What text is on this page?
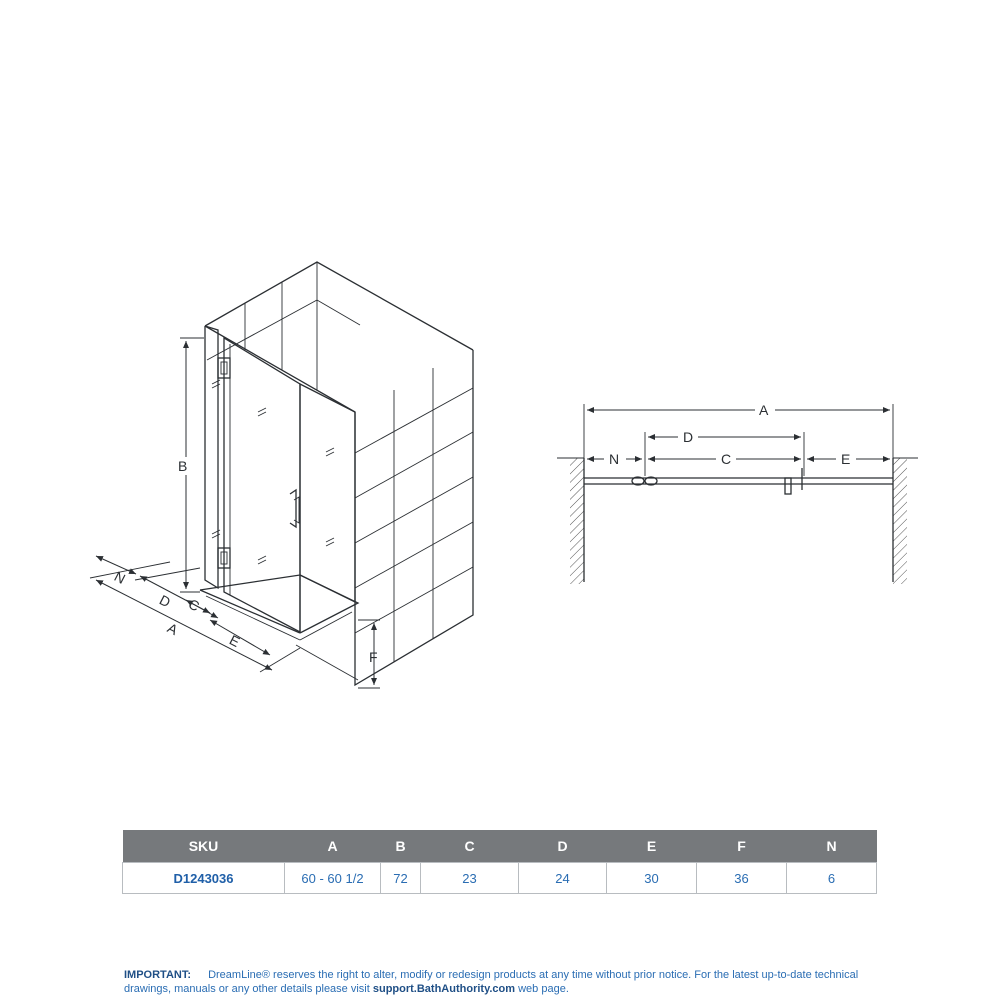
B
F
N
D C
A
E
A
D
N	C	E
SKU	A	B	C	D	E	F	N
D1243036	60 - 60 1/2	72	23	24	30	36	6
IMPORTANT: DreamLine® reserves the right to alter, modify or redesign products at any time without prior notice. For the latest up-to-date technical drawings, manuals or any other details please visit support.BathAuthority.com web page.
